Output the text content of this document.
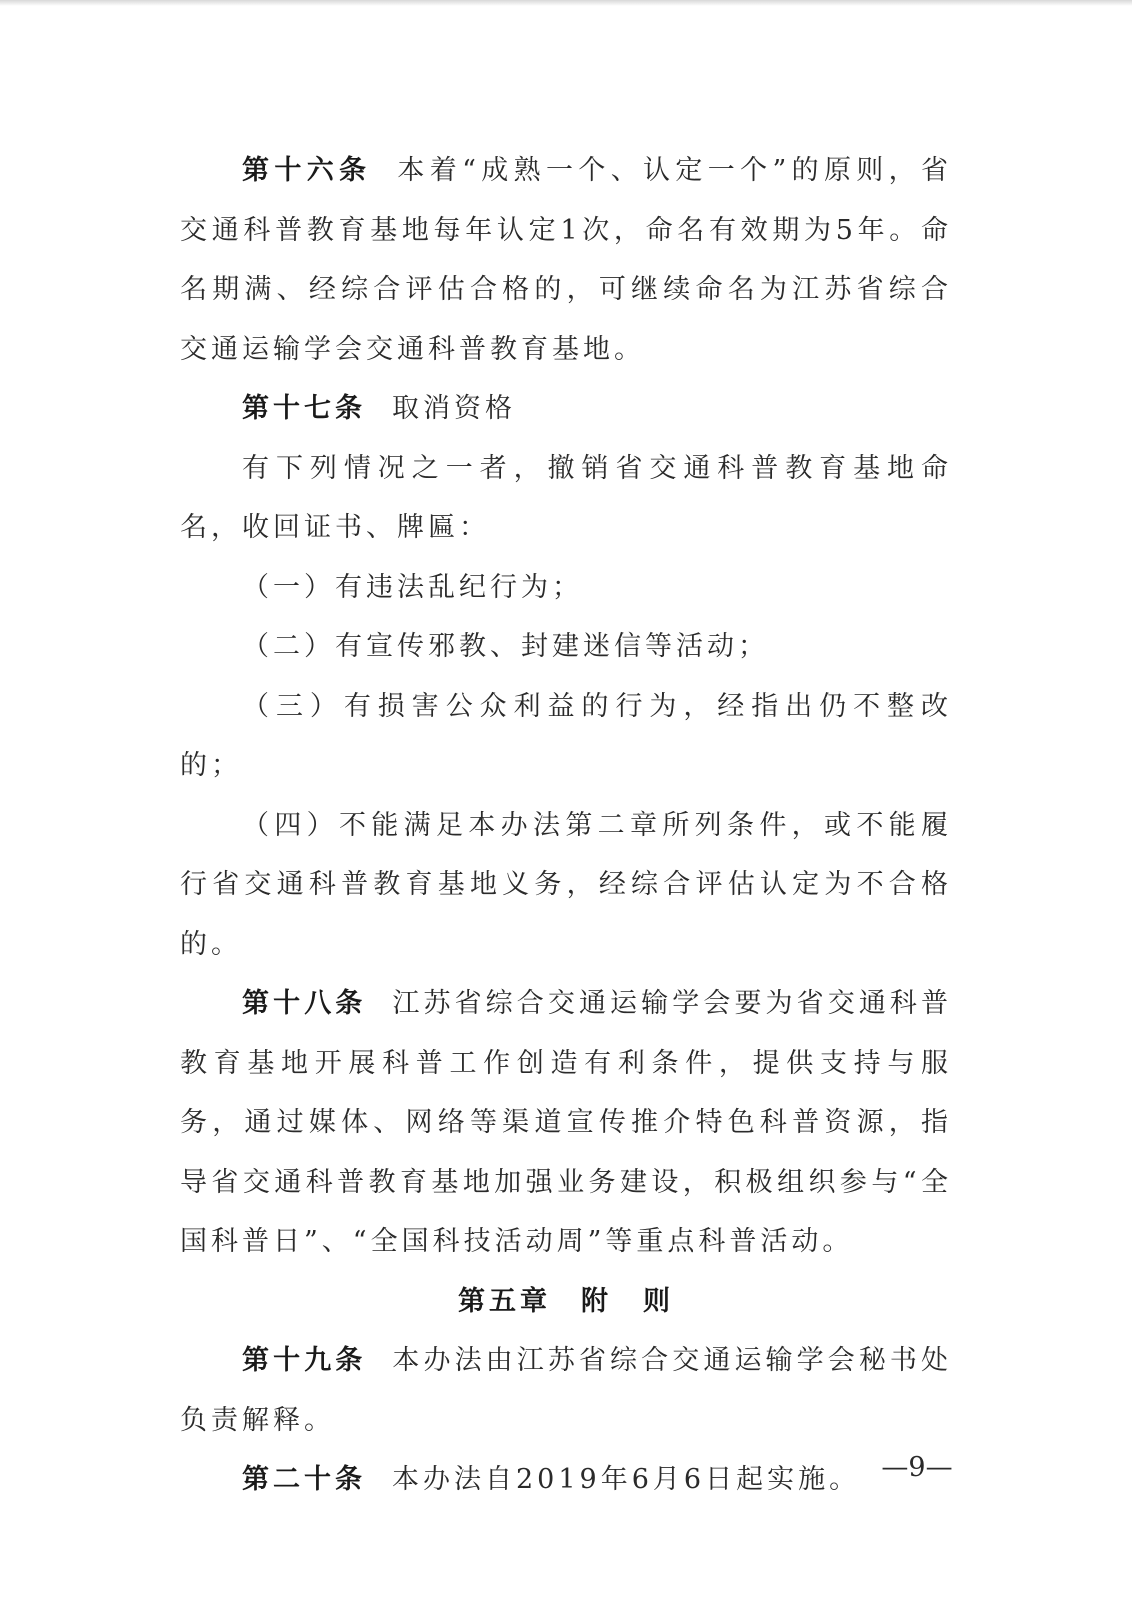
第十六条 本着“成熟一个、认定一个”的原则，省交通科普教育基地每年认定1次，命名有效期为5年。命名期满、经综合评估合格的，可继续命名为江苏省综合交通运输学会交通科普教育基地。

第十七条 取消资格

有下列情况之一者，撤销省交通科普教育基地命名，收回证书、牌匾：

（一）有违法乱纪行为；

（二）有宣传邪教、封建迷信等活动；

（三）有损害公众利益的行为，经指出仍不整改的；

（四）不能满足本办法第二章所列条件，或不能履行省交通科普教育基地义务，经综合评估认定为不合格的。

第十八条 江苏省综合交通运输学会要为省交通科普教育基地开展科普工作创造有利条件，提供支持与服务，通过媒体、网络等渠道宣传推介特色科普资源，指导省交通科普教育基地加强业务建设，积极组织参与“全国科普日”、“全国科技活动周”等重点科普活动。

第五章 附　则

第十九条 本办法由江苏省综合交通运输学会秘书处负责解释。

第二十条 本办法自2019年6月6日起实施。 —9—
